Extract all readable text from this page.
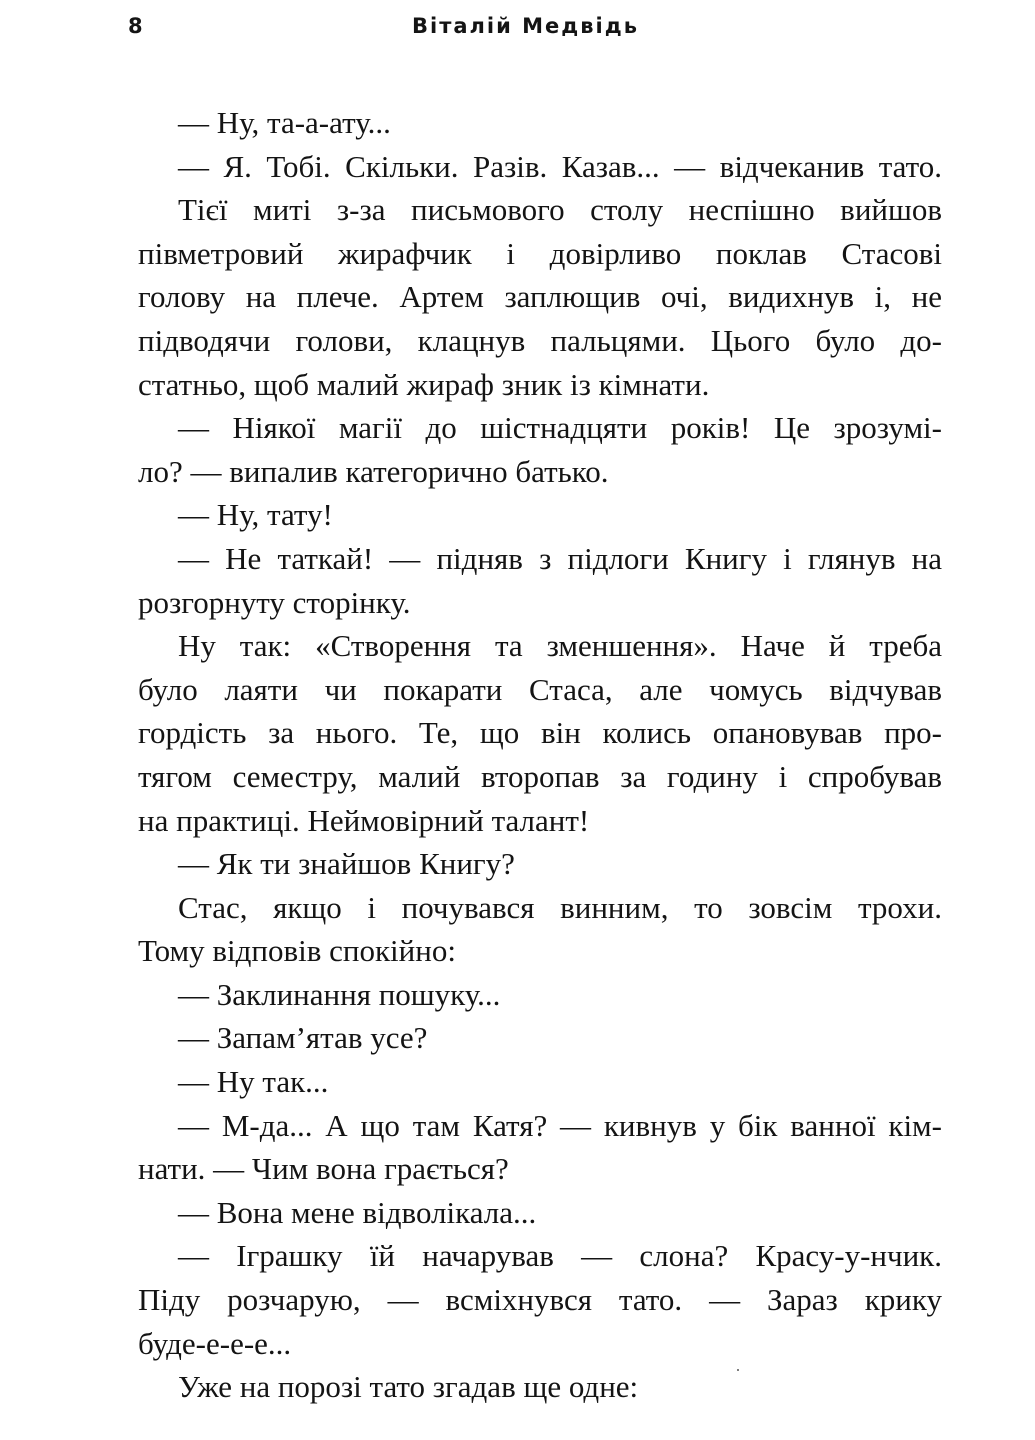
8	Віталій Медвідь
— Ну, та-а-ату...
— Я. Тобі. Скільки. Разів. Казав... — відчеканив тато.
Тієї миті з-за письмового столу неспішно вийшов
півметровий жирафчик і довірливо поклав Стасові
голову на плече. Артем заплющив очі, видихнув і, не
підводячи голови, клацнув пальцями. Цього було до-
статньо, щоб малий жираф зник із кімнати.
— Ніякої магії до шістнадцяти років! Це зрозумі-
ло? — випалив категорично батько.
— Ну, тату!
— Не таткай! — підняв з підлоги Книгу і глянув на
розгорнуту сторінку.
Ну так: «Створення та зменшення». Наче й треба
було лаяти чи покарати Стаса, але чомусь відчував
гордість за нього. Те, що він колись опановував про-
тягом семестру, малий второпав за годину і спробував
на практиці. Неймовірний талант!
— Як ти знайшов Книгу?
Стас, якщо і почувався винним, то зовсім трохи.
Тому відповів спокійно:
— Заклинання пошуку...
— Запам’ятав усе?
— Ну так...
— М-да... А що там Катя? — кивнув у бік ванної кім-
нати. — Чим вона грається?
— Вона мене відволікала...
— Іграшку їй начарував — слона? Красу-у-нчик.
Піду розчарую, — всміхнувся тато. — Зараз крику
буде-е-е-е...
Уже на порозі тато згадав ще одне:
